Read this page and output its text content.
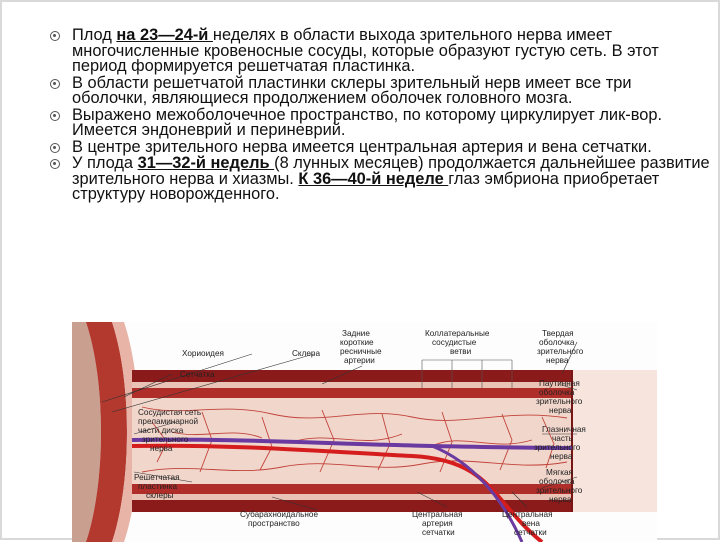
Плод на 23—24-й неделях в области выхода зрительного нерва имеет многочисленные кровеносные сосуды, которые образуют густую сеть. В этот период формируется решетчатая пластинка.
В области решетчатой пластинки склеры зрительный нерв имеет все три оболочки, являющиеся продолжением оболочек головного мозга.
Выражено межоболочечное пространство, по которому циркулирует лик-вор. Имеется эндоневрий и периневрий.
В центре зрительного нерва имеется центральная артерия и вена сетчатки.
У плода 31—32-й недель (8 лунных месяцев) продолжается дальнейшее развитие зрительного нерва и хиазмы. К 36—40-й неделе глаз эмбриона приобретает структуру новорожденного.
Хориоидея	Склера
Сетчатка
Задние
короткие
ресничные
артерии
Коллатеральные
сосудистые
ветви
Твердая
оболочка
зрительного
нерва
Паутинная
оболочка
зрительного
нерва
Сосудистая сеть
преламинарной
части диска
зрительного
нерва
Глазничная
часть
зрительного
нерва
Мягкая
оболочка
зрительного
нерва
Решетчатая
пластинка
склеры
Субарахноидальное
пространство
Центральная
артерия
сетчатки
Центральная
вена
сетчатки
